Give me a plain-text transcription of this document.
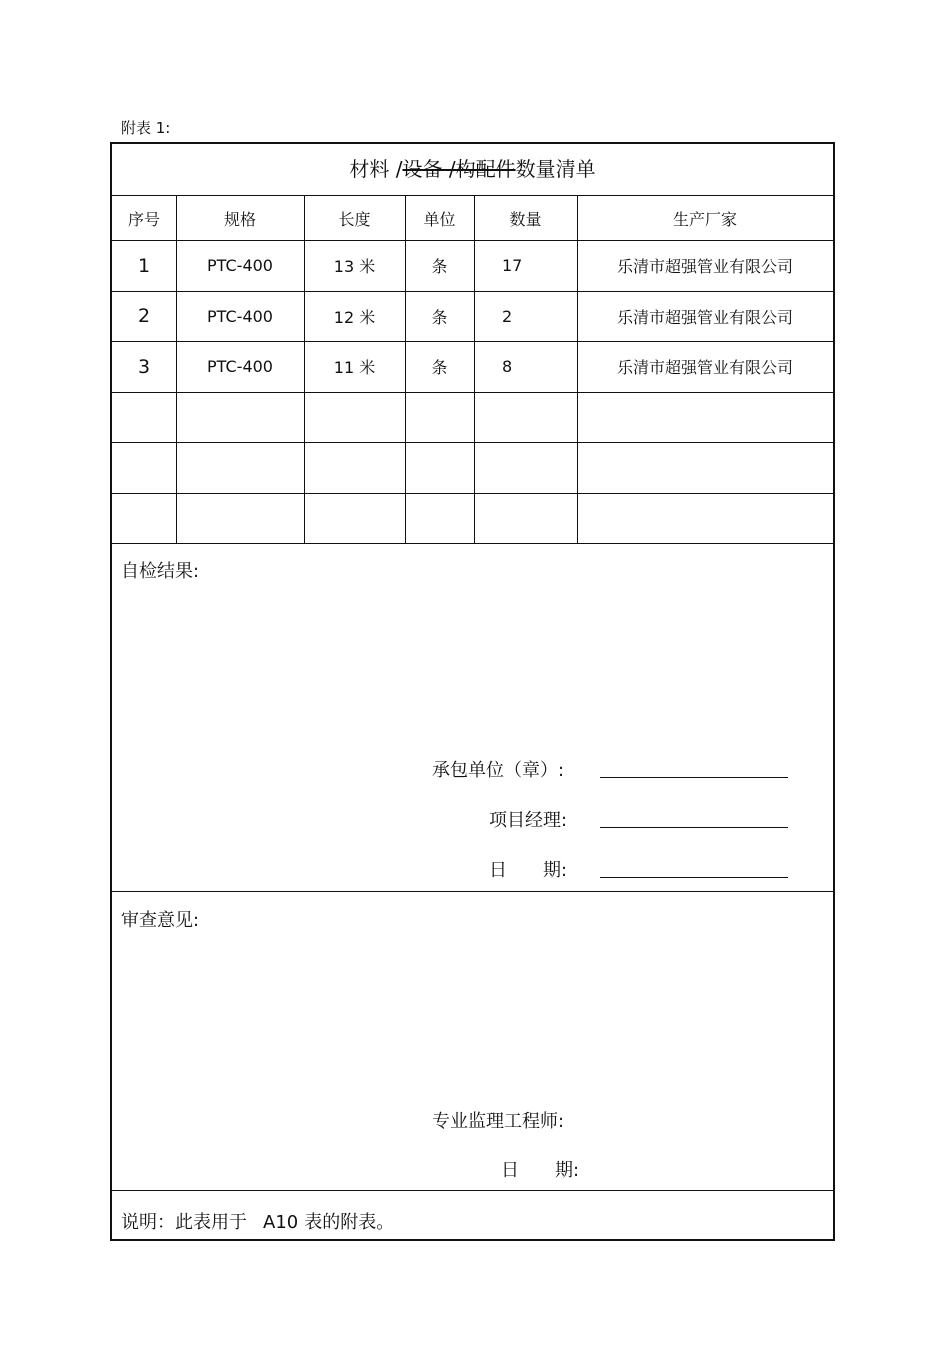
附表 1:
材料 /设备 /构配件数量清单
序号	规格	长度	单位	数量	生产厂家
1	PTC-400	13 米	条	17	乐清市超强管业有限公司
2	PTC-400	12 米	条	2	乐清市超强管业有限公司
3	PTC-400	11 米	条	8	乐清市超强管业有限公司
自检结果:
承包单位（章）:
项目经理:
日　　期:
审查意见:
专业监理工程师:
日　　期:
说明：此表用于 A10 表的附表。
